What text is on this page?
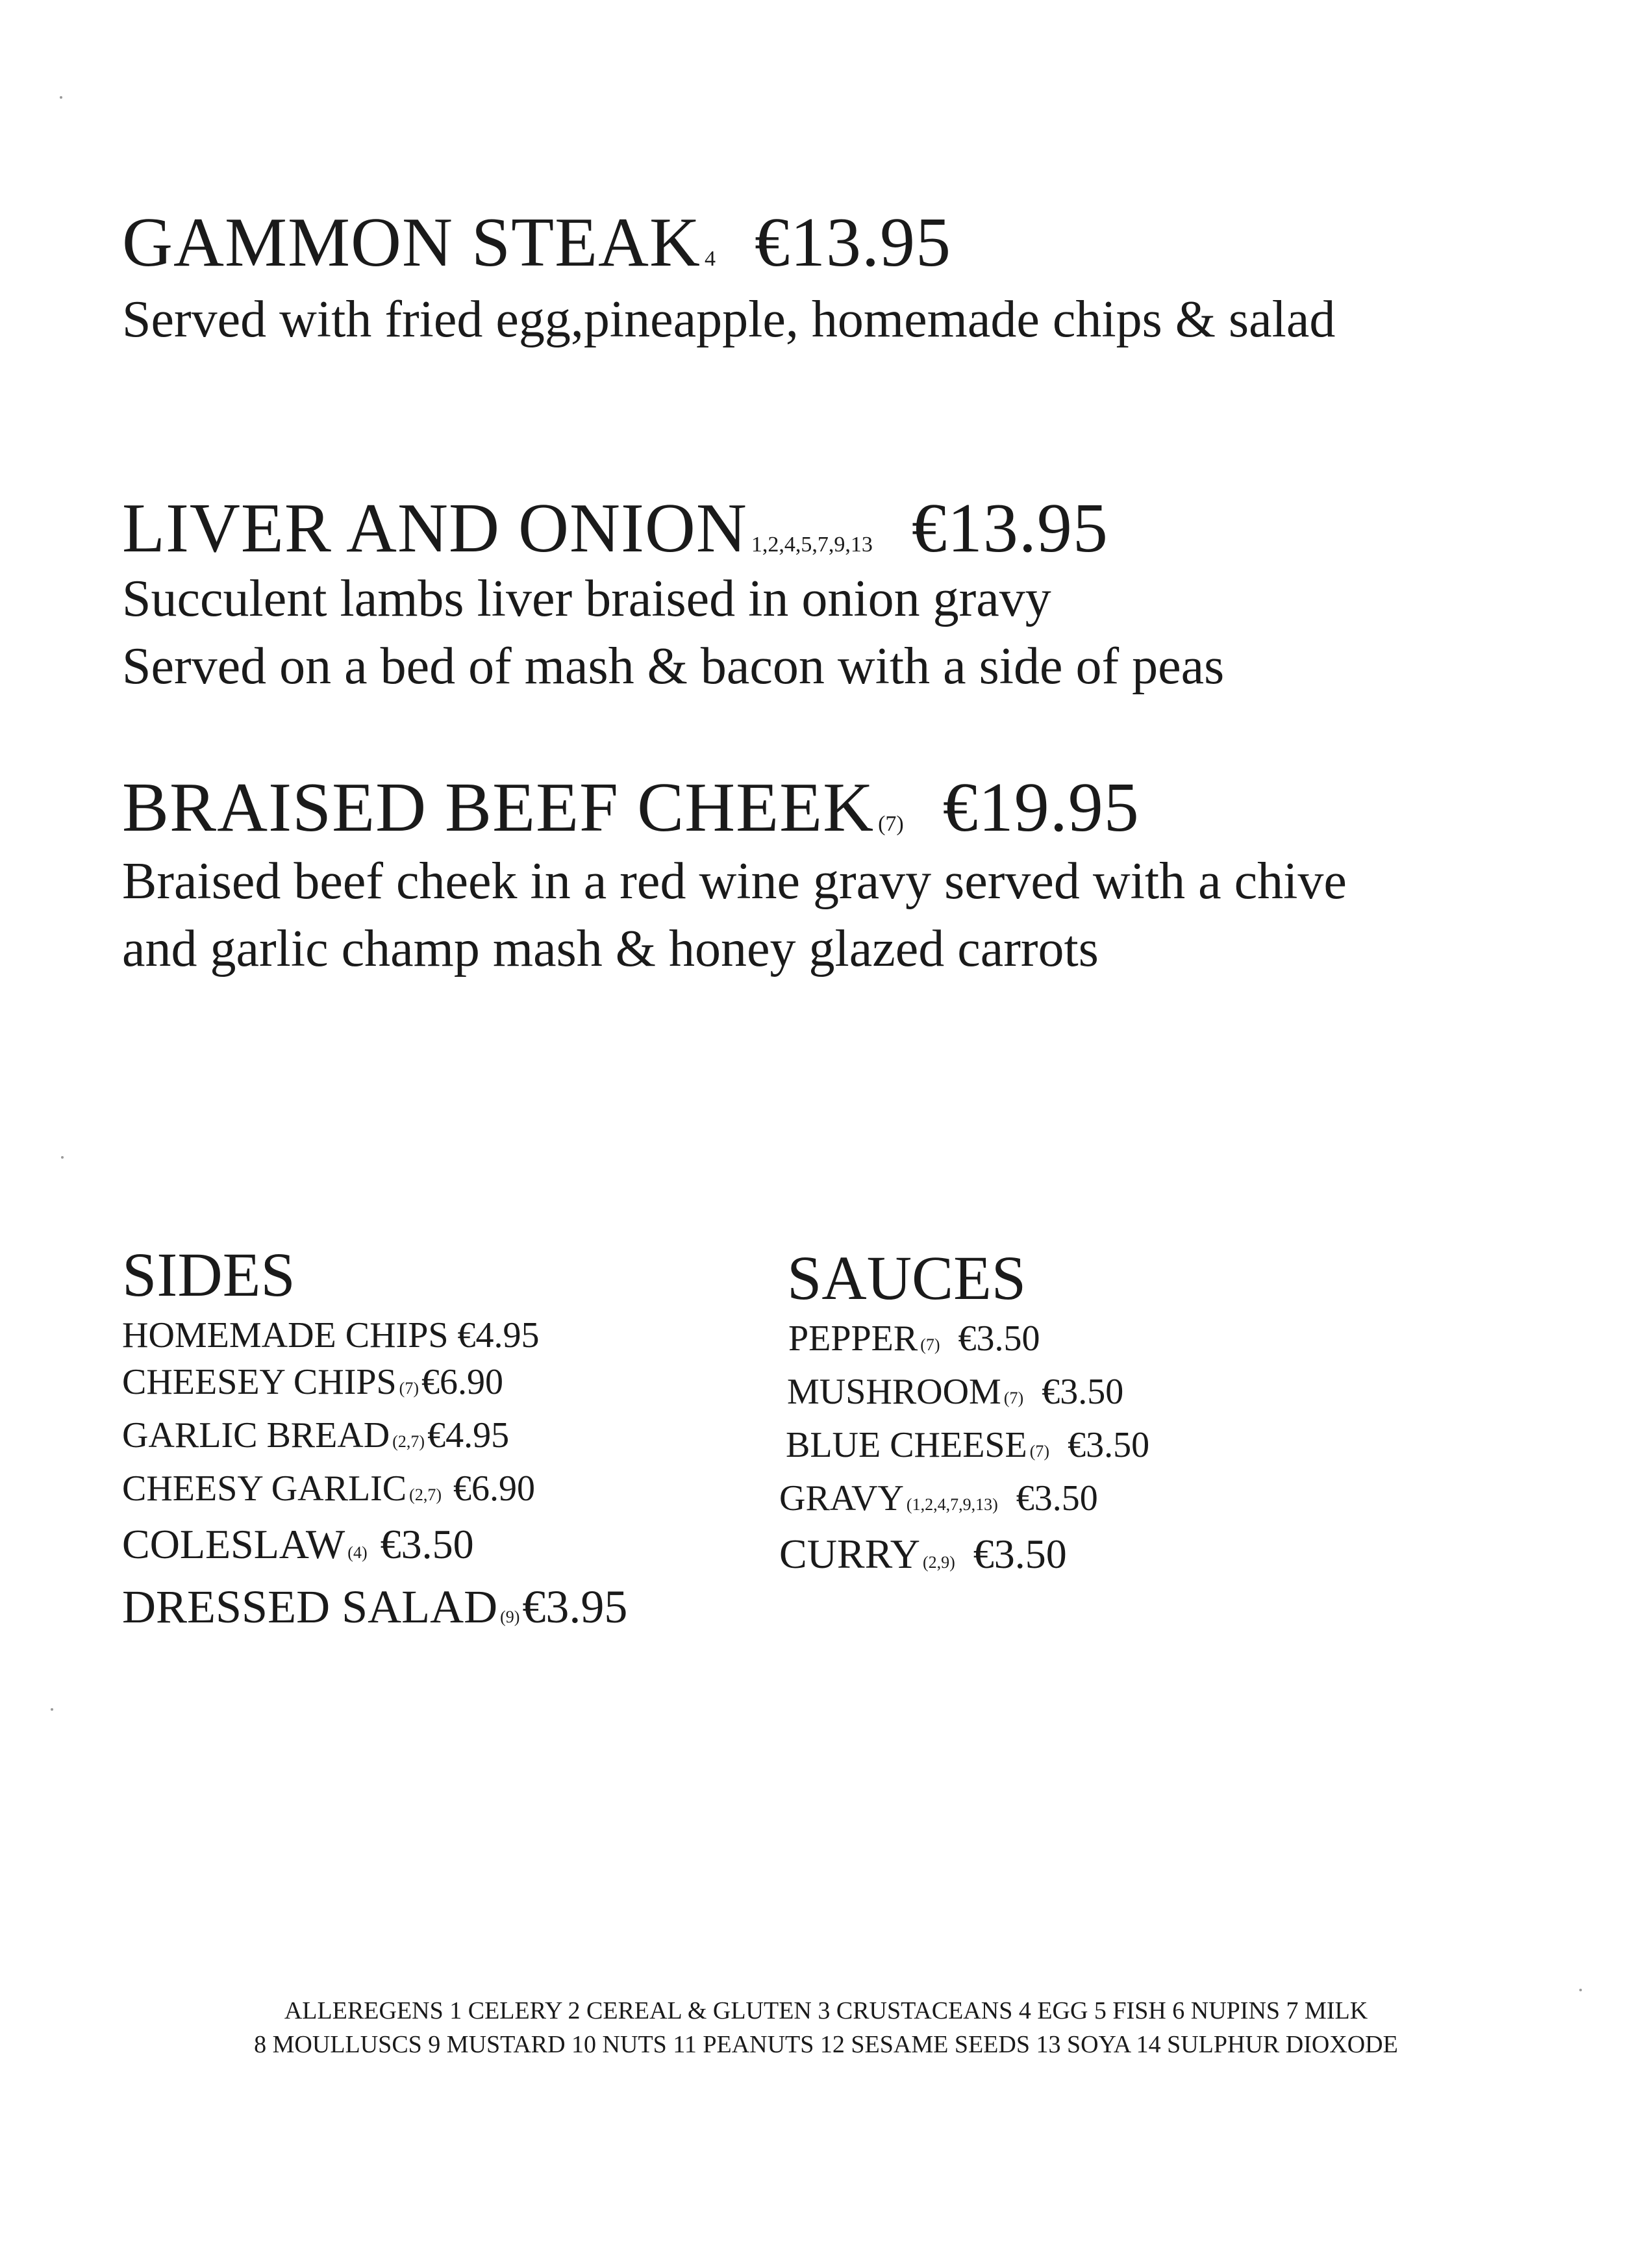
GAMMON STEAK 4 €13.95
Served with fried egg,pineapple, homemade chips & salad
LIVER AND ONION 1,2,4,5,7,9,13 €13.95
Succulent lambs liver braised in onion gravy
Served on a bed of mash & bacon with a side of peas
BRAISED BEEF CHEEK (7) €19.95
Braised beef cheek in a red wine gravy served with a chive and garlic champ mash & honey glazed carrots
SIDES
HOMEMADE CHIPS €4.95
CHEESEY CHIPS (7)€6.90
GARLIC BREAD (2,7)€4.95
CHEESY GARLIC (2,7) €6.90
COLESLAW (4) €3.50
DRESSED SALAD (9)€3.95
SAUCES
PEPPER (7) €3.50
MUSHROOM (7) €3.50
BLUE CHEESE (7) €3.50
GRAVY (1,2,4,7,9,13) €3.50
CURRY (2,9) €3.50
ALLEREGENS 1 CELERY 2 CEREAL & GLUTEN 3 CRUSTACEANS 4 EGG 5 FISH 6 NUPINS 7 MILK
8 MOULLUSCS 9 MUSTARD 10 NUTS 11 PEANUTS 12 SESAME SEEDS 13 SOYA 14 SULPHUR DIOXODE
